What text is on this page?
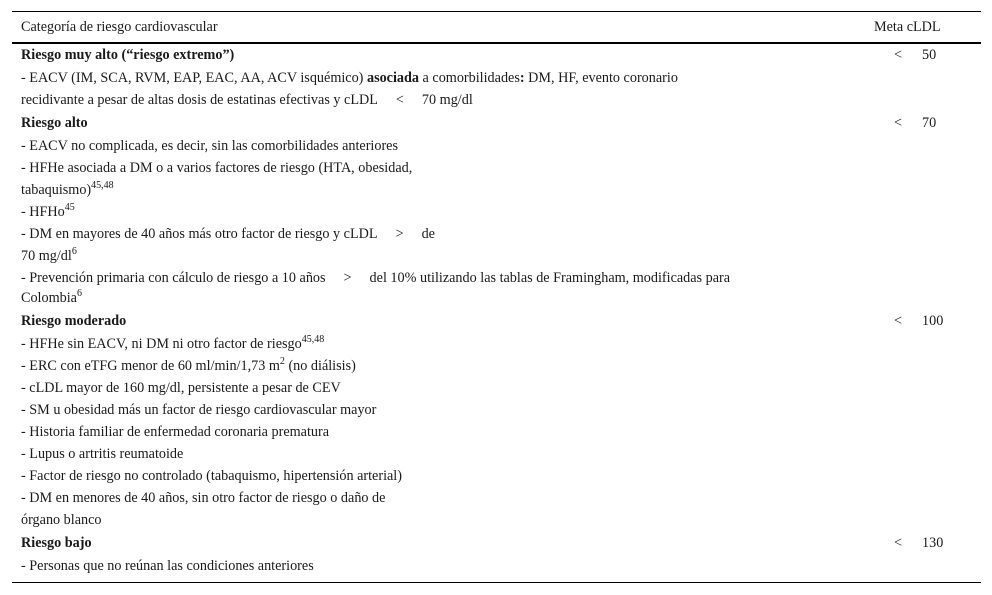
Categoría de riesgo cardiovascular	Meta cLDL
Riesgo muy alto (“riesgo extremo”)	< 50
- EACV (IM, SCA, RVM, EAP, EAC, AA, ACV isquémico) asociada a comorbilidades: DM, HF, evento coronario
recidivante a pesar de altas dosis de estatinas efectivas y cLDL < 70 mg/dl
Riesgo alto	< 70
- EACV no complicada, es decir, sin las comorbilidades anteriores
- HFHe asociada a DM o a varios factores de riesgo (HTA, obesidad,
tabaquismo)$^{45,48}$
- HFHo$^{45}$
- DM en mayores de 40 años más otro factor de riesgo y cLDL > de
70 $mg/dl^6$
- Prevención primaria con cálculo de riesgo a 10 años > del 10% utilizando las tablas de Framingham, modificadas para
Colombia$^6$
Riesgo moderado	< 100
- HFHe sin EACV, ni DM ni otro factor de riesgo$^{45,48}$
- ERC con eTFG menor de 60 ml/min/1,73 $m^2$ (no diálisis)
- cLDL mayor de 160 mg/dl, persistente a pesar de CEV
- SM u obesidad más un factor de riesgo cardiovascular mayor
- Historia familiar de enfermedad coronaria prematura
- Lupus o artritis reumatoide
- Factor de riesgo no controlado (tabaquismo, hipertensión arterial)
- DM en menores de 40 años, sin otro factor de riesgo o daño de
órgano blanco
Riesgo bajo	< 130
- Personas que no reúnan las condiciones anteriores
